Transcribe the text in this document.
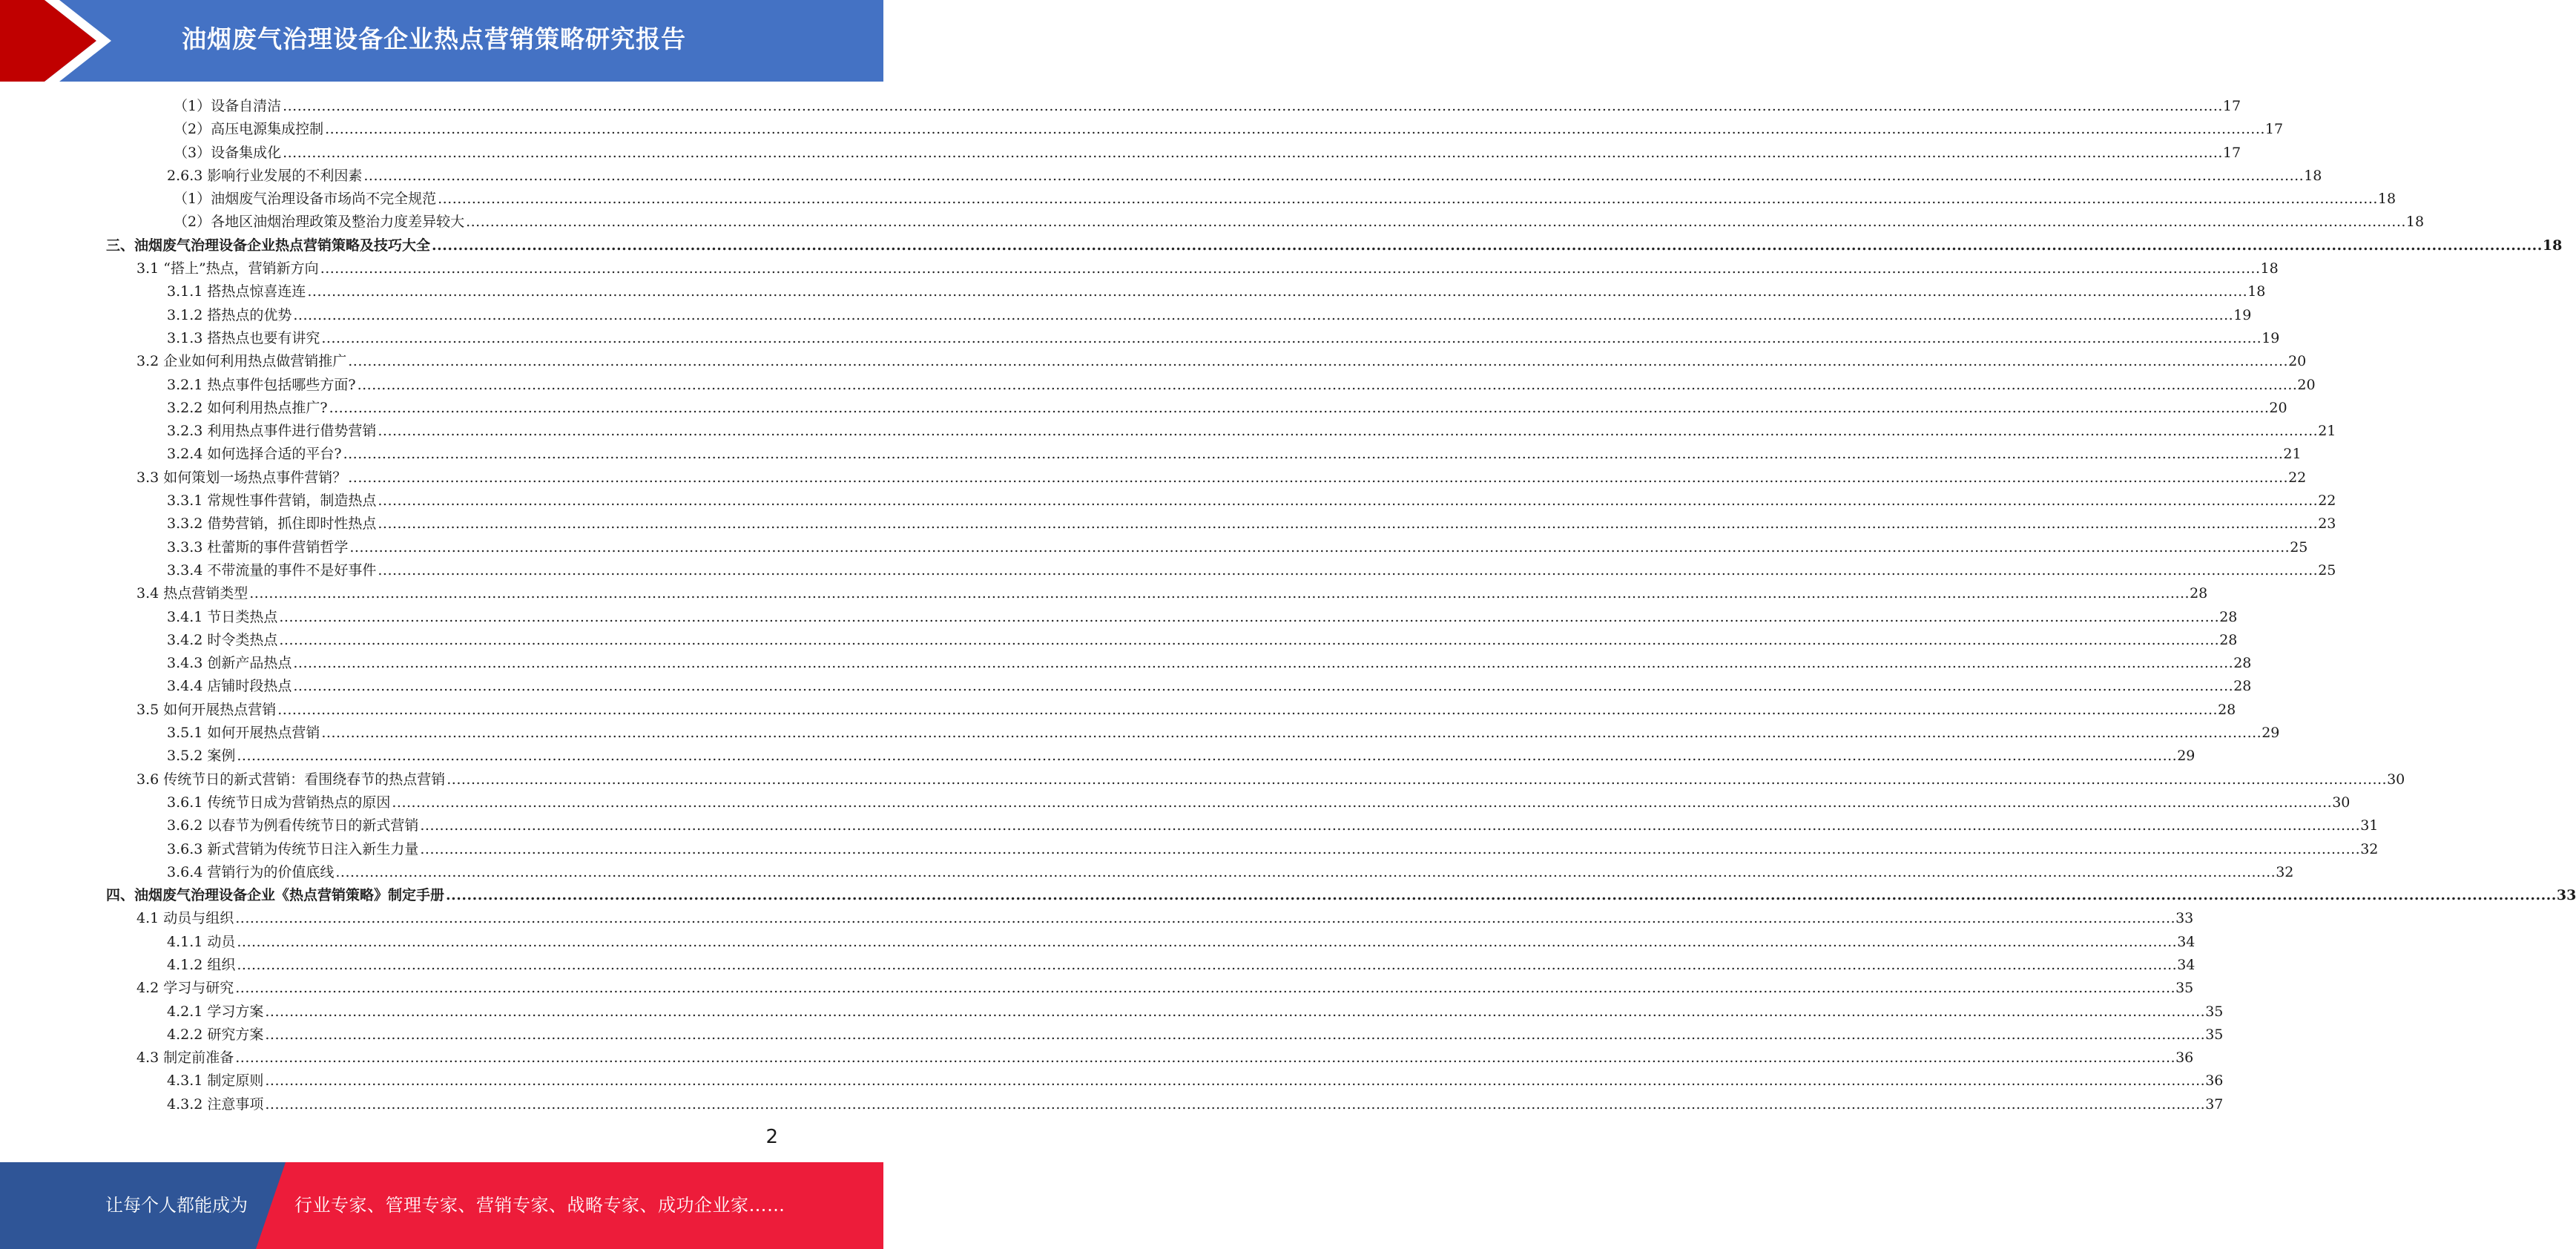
油烟废气治理设备企业热点营销策略研究报告
（1）设备自清洁 ................................................................................................................................................................................................................................................................................................................................................................................................................ 17
（2）高压电源集成控制 ................................................................................................................................................................................................................................................................................................................................................................................................................ 17
（3）设备集成化 ................................................................................................................................................................................................................................................................................................................................................................................................................ 17
2.6.3 影响行业发展的不利因素 ................................................................................................................................................................................................................................................................................................................................................................................................................ 18
（1）油烟废气治理设备市场尚不完全规范 ................................................................................................................................................................................................................................................................................................................................................................................................................ 18
（2）各地区油烟治理政策及整治力度差异较大 ................................................................................................................................................................................................................................................................................................................................................................................................................ 18
三、油烟废气治理设备企业热点营销策略及技巧大全 ................................................................................................................................................................................................................................................................................................................................................................................................................ 18
3.1 “搭上”热点，营销新方向 ................................................................................................................................................................................................................................................................................................................................................................................................................ 18
3.1.1 搭热点惊喜连连 ................................................................................................................................................................................................................................................................................................................................................................................................................ 18
3.1.2 搭热点的优势 ................................................................................................................................................................................................................................................................................................................................................................................................................ 19
3.1.3 搭热点也要有讲究 ................................................................................................................................................................................................................................................................................................................................................................................................................ 19
3.2 企业如何利用热点做营销推广 ................................................................................................................................................................................................................................................................................................................................................................................................................ 20
3.2.1 热点事件包括哪些方面? ................................................................................................................................................................................................................................................................................................................................................................................................................ 20
3.2.2 如何利用热点推广? ................................................................................................................................................................................................................................................................................................................................................................................................................ 20
3.2.3 利用热点事件进行借势营销 ................................................................................................................................................................................................................................................................................................................................................................................................................ 21
3.2.4 如何选择合适的平台? ................................................................................................................................................................................................................................................................................................................................................................................................................ 21
3.3 如何策划一场热点事件营销？ ................................................................................................................................................................................................................................................................................................................................................................................................................ 22
3.3.1 常规性事件营销，制造热点 ................................................................................................................................................................................................................................................................................................................................................................................................................ 22
3.3.2 借势营销，抓住即时性热点 ................................................................................................................................................................................................................................................................................................................................................................................................................ 23
3.3.3 杜蕾斯的事件营销哲学 ................................................................................................................................................................................................................................................................................................................................................................................................................ 25
3.3.4 不带流量的事件不是好事件 ................................................................................................................................................................................................................................................................................................................................................................................................................ 25
3.4 热点营销类型 ................................................................................................................................................................................................................................................................................................................................................................................................................ 28
3.4.1 节日类热点 ................................................................................................................................................................................................................................................................................................................................................................................................................ 28
3.4.2 时令类热点 ................................................................................................................................................................................................................................................................................................................................................................................................................ 28
3.4.3 创新产品热点 ................................................................................................................................................................................................................................................................................................................................................................................................................ 28
3.4.4 店铺时段热点 ................................................................................................................................................................................................................................................................................................................................................................................................................ 28
3.5 如何开展热点营销 ................................................................................................................................................................................................................................................................................................................................................................................................................ 28
3.5.1 如何开展热点营销 ................................................................................................................................................................................................................................................................................................................................................................................................................ 29
3.5.2 案例 ................................................................................................................................................................................................................................................................................................................................................................................................................ 29
3.6 传统节日的新式营销：看围绕春节的热点营销 ................................................................................................................................................................................................................................................................................................................................................................................................................ 30
3.6.1 传统节日成为营销热点的原因 ................................................................................................................................................................................................................................................................................................................................................................................................................ 30
3.6.2 以春节为例看传统节日的新式营销 ................................................................................................................................................................................................................................................................................................................................................................................................................ 31
3.6.3 新式营销为传统节日注入新生力量 ................................................................................................................................................................................................................................................................................................................................................................................................................ 32
3.6.4 营销行为的价值底线 ................................................................................................................................................................................................................................................................................................................................................................................................................ 32
四、油烟废气治理设备企业《热点营销策略》制定手册 ................................................................................................................................................................................................................................................................................................................................................................................................................ 33
4.1 动员与组织 ................................................................................................................................................................................................................................................................................................................................................................................................................ 33
4.1.1 动员 ................................................................................................................................................................................................................................................................................................................................................................................................................ 34
4.1.2 组织 ................................................................................................................................................................................................................................................................................................................................................................................................................ 34
4.2 学习与研究 ................................................................................................................................................................................................................................................................................................................................................................................................................ 35
4.2.1 学习方案 ................................................................................................................................................................................................................................................................................................................................................................................................................ 35
4.2.2 研究方案 ................................................................................................................................................................................................................................................................................................................................................................................................................ 35
4.3 制定前准备 ................................................................................................................................................................................................................................................................................................................................................................................................................ 36
4.3.1 制定原则 ................................................................................................................................................................................................................................................................................................................................................................................................................ 36
4.3.2 注意事项 ................................................................................................................................................................................................................................................................................................................................................................................................................ 37
2
让每个人都能成为	行业专家、管理专家、营销专家、战略专家、成功企业家……
